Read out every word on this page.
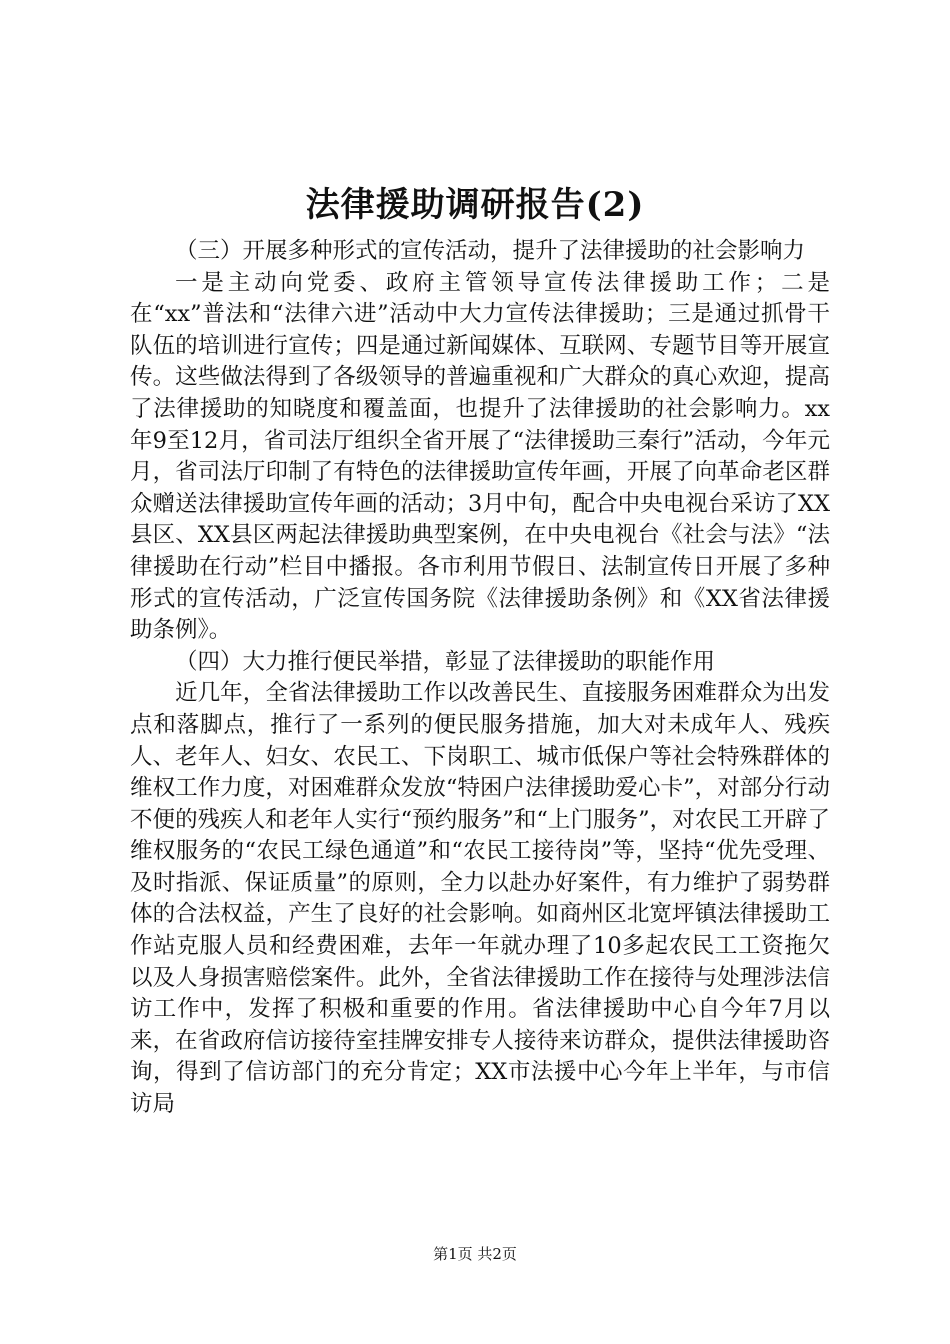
法律援助调研报告(2)

（三）开展多种形式的宣传活动，提升了法律援助的社会影响力

一是主动向党委、政府主管领导宣传法律援助工作；二是在“xx”普法和“法律六进”活动中大力宣传法律援助；三是通过抓骨干队伍的培训进行宣传；四是通过新闻媒体、互联网、专题节目等开展宣传。这些做法得到了各级领导的普遍重视和广大群众的真心欢迎，提高了法律援助的知晓度和覆盖面，也提升了法律援助的社会影响力。xx年9至12月，省司法厅组织全省开展了“法律援助三秦行”活动，今年元月，省司法厅印制了有特色的法律援助宣传年画，开展了向革命老区群众赠送法律援助宣传年画的活动；3月中旬，配合中央电视台采访了XX县区、XX县区两起法律援助典型案例，在中央电视台《社会与法》“法律援助在行动”栏目中播报。各市利用节假日、法制宣传日开展了多种形式的宣传活动，广泛宣传国务院《法律援助条例》和《XX省法律援助条例》。

（四）大力推行便民举措，彰显了法律援助的职能作用

近几年，全省法律援助工作以改善民生、直接服务困难群众为出发点和落脚点，推行了一系列的便民服务措施，加大对未成年人、残疾人、老年人、妇女、农民工、下岗职工、城市低保户等社会特殊群体的维权工作力度，对困难群众发放“特困户法律援助爱心卡”，对部分行动不便的残疾人和老年人实行“预约服务”和“上门服务”，对农民工开辟了维权服务的“农民工绿色通道”和“农民工接待岗”等，坚持“优先受理、及时指派、保证质量”的原则，全力以赴办好案件，有力维护了弱势群体的合法权益，产生了良好的社会影响。如商州区北宽坪镇法律援助工作站克服人员和经费困难，去年一年就办理了10多起农民工工资拖欠以及人身损害赔偿案件。此外，全省法律援助工作在接待与处理涉法信访工作中，发挥了积极和重要的作用。省法律援助中心自今年7月以来，在省政府信访接待室挂牌安排专人接待来访群众，提供法律援助咨询，得到了信访部门的充分肯定；XX市法援中心今年上半年，与市信访局

第1页 共2页
